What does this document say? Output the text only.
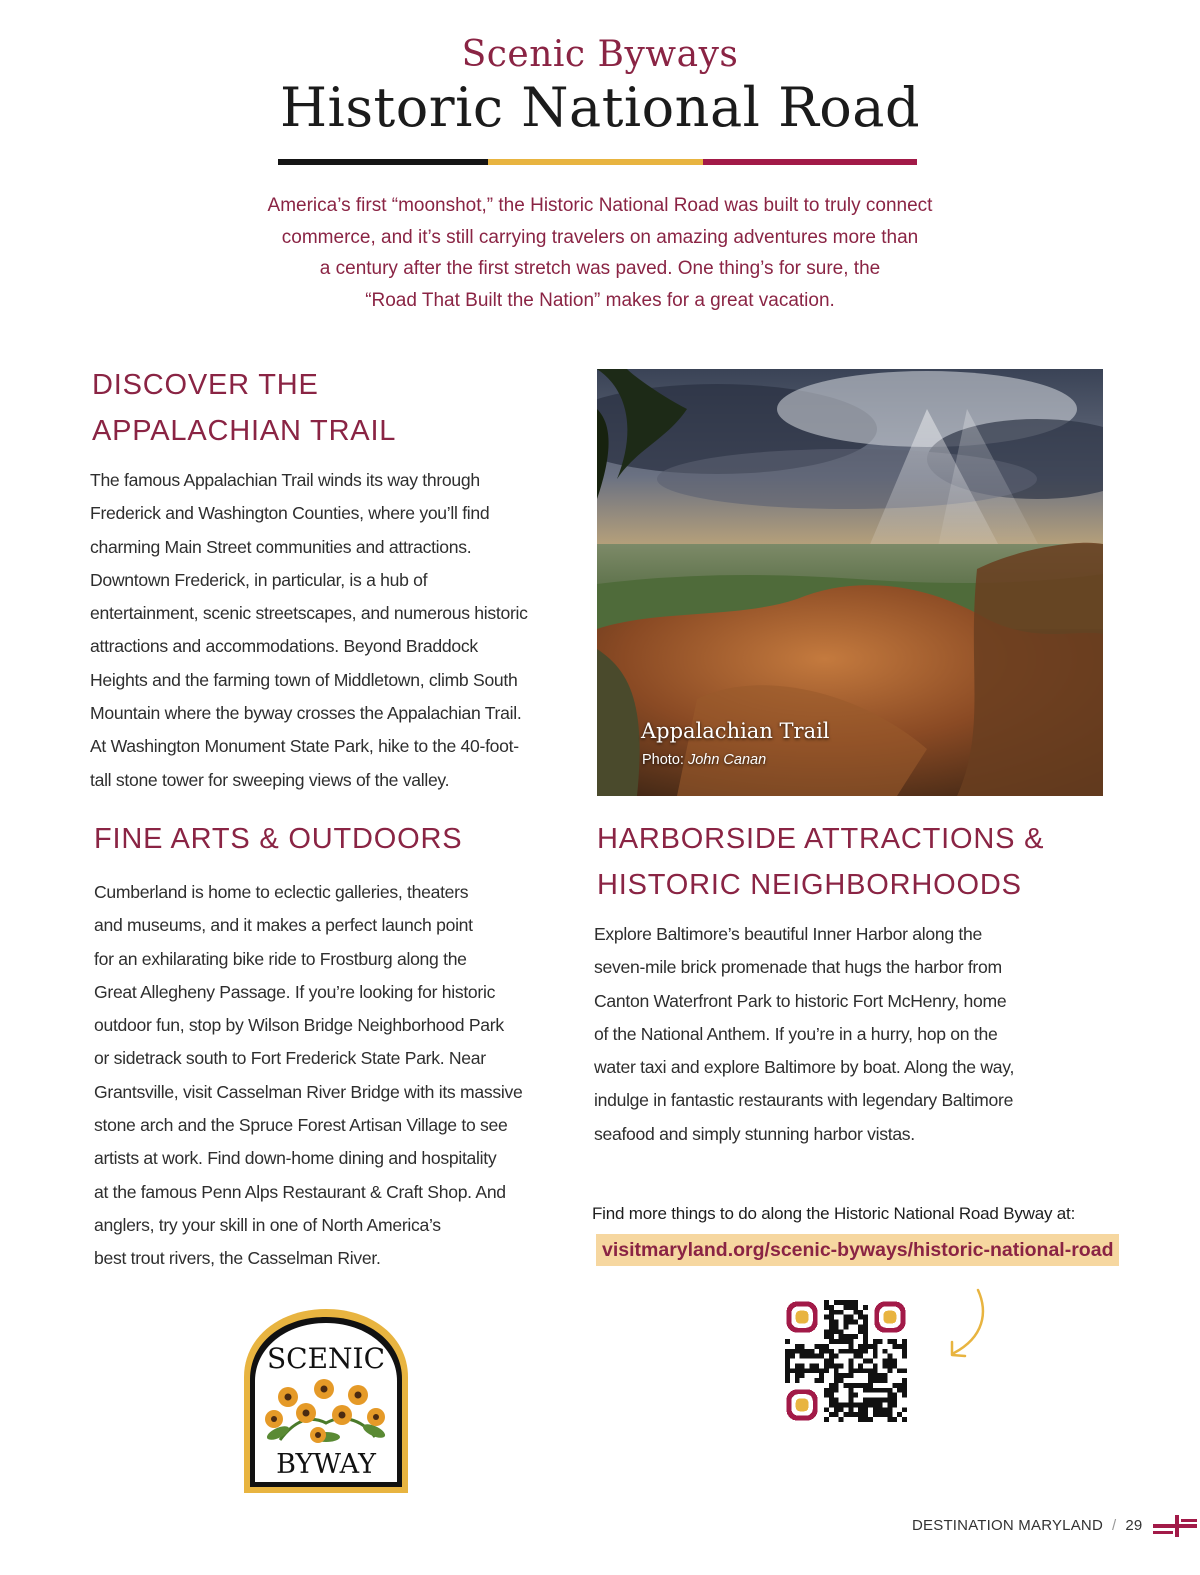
Scenic Byways
Historic National Road
America’s first “moonshot,” the Historic National Road was built to truly connect
commerce, and it’s still carrying travelers on amazing adventures more than
a century after the first stretch was paved. One thing’s for sure, the
“Road That Built the Nation” makes for a great vacation.
DISCOVER THE
APPALACHIAN TRAIL
The famous Appalachian Trail winds its way through
Frederick and Washington Counties, where you’ll find
charming Main Street communities and attractions.
Downtown Frederick, in particular, is a hub of
entertainment, scenic streetscapes, and numerous historic
attractions and accommodations. Beyond Braddock
Heights and the farming town of Middletown, climb South
Mountain where the byway crosses the Appalachian Trail.
At Washington Monument State Park, hike to the 40-foot-
tall stone tower for sweeping views of the valley.
Appalachian Trail
Photo: John Canan
FINE ARTS & OUTDOORS
Cumberland is home to eclectic galleries, theaters
and museums, and it makes a perfect launch point
for an exhilarating bike ride to Frostburg along the
Great Allegheny Passage. If you’re looking for historic
outdoor fun, stop by Wilson Bridge Neighborhood Park
or sidetrack south to Fort Frederick State Park. Near
Grantsville, visit Casselman River Bridge with its massive
stone arch and the Spruce Forest Artisan Village to see
artists at work. Find down-home dining and hospitality
at the famous Penn Alps Restaurant & Craft Shop. And
anglers, try your skill in one of North America’s
best trout rivers, the Casselman River.
HARBORSIDE ATTRACTIONS &
HISTORIC NEIGHBORHOODS
Explore Baltimore’s beautiful Inner Harbor along the
seven-mile brick promenade that hugs the harbor from
Canton Waterfront Park to historic Fort McHenry, home
of the National Anthem. If you’re in a hurry, hop on the
water taxi and explore Baltimore by boat. Along the way,
indulge in fantastic restaurants with legendary Baltimore
seafood and simply stunning harbor vistas.
Find more things to do along the Historic National Road Byway at:
visitmaryland.org/scenic-byways/historic-national-road
SCENIC
BYWAY
DESTINATION MARYLAND / 29
